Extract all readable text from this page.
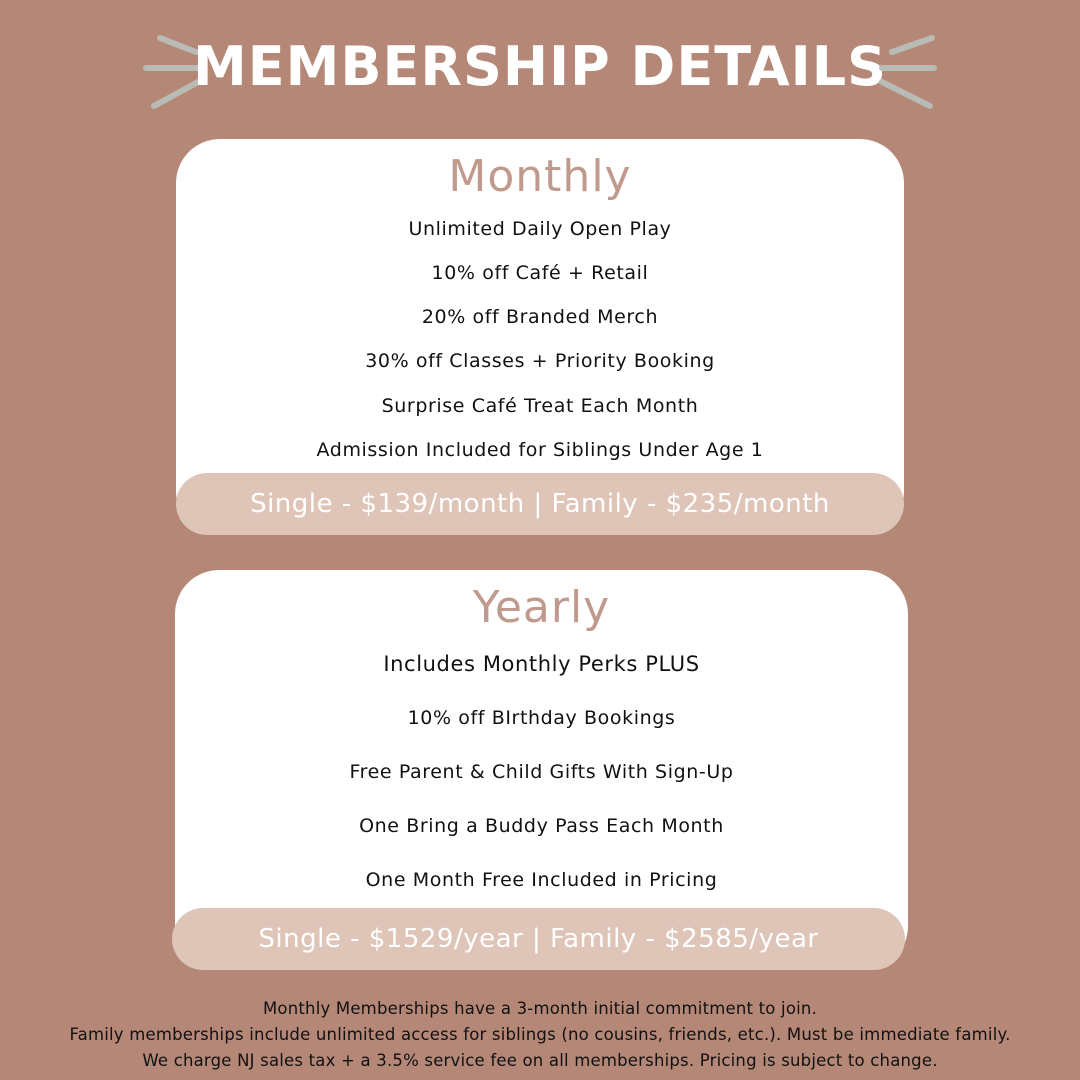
MEMBERSHIP DETAILS
Monthly
Unlimited Daily Open Play
10% off Café + Retail
20% off Branded Merch
30% off Classes + Priority Booking
Surprise Café Treat Each Month
Admission Included for Siblings Under Age 1
Single - $139/month | Family - $235/month
Yearly
Includes Monthly Perks PLUS
10% off BIrthday Bookings
Free Parent & Child Gifts With Sign-Up
One Bring a Buddy Pass Each Month
One Month Free Included in Pricing
Single - $1529/year | Family - $2585/year
Monthly Memberships have a 3-month initial commitment to join.
Family memberships include unlimited access for siblings (no cousins, friends, etc.). Must be immediate family.
We charge NJ sales tax + a 3.5% service fee on all memberships. Pricing is subject to change.
